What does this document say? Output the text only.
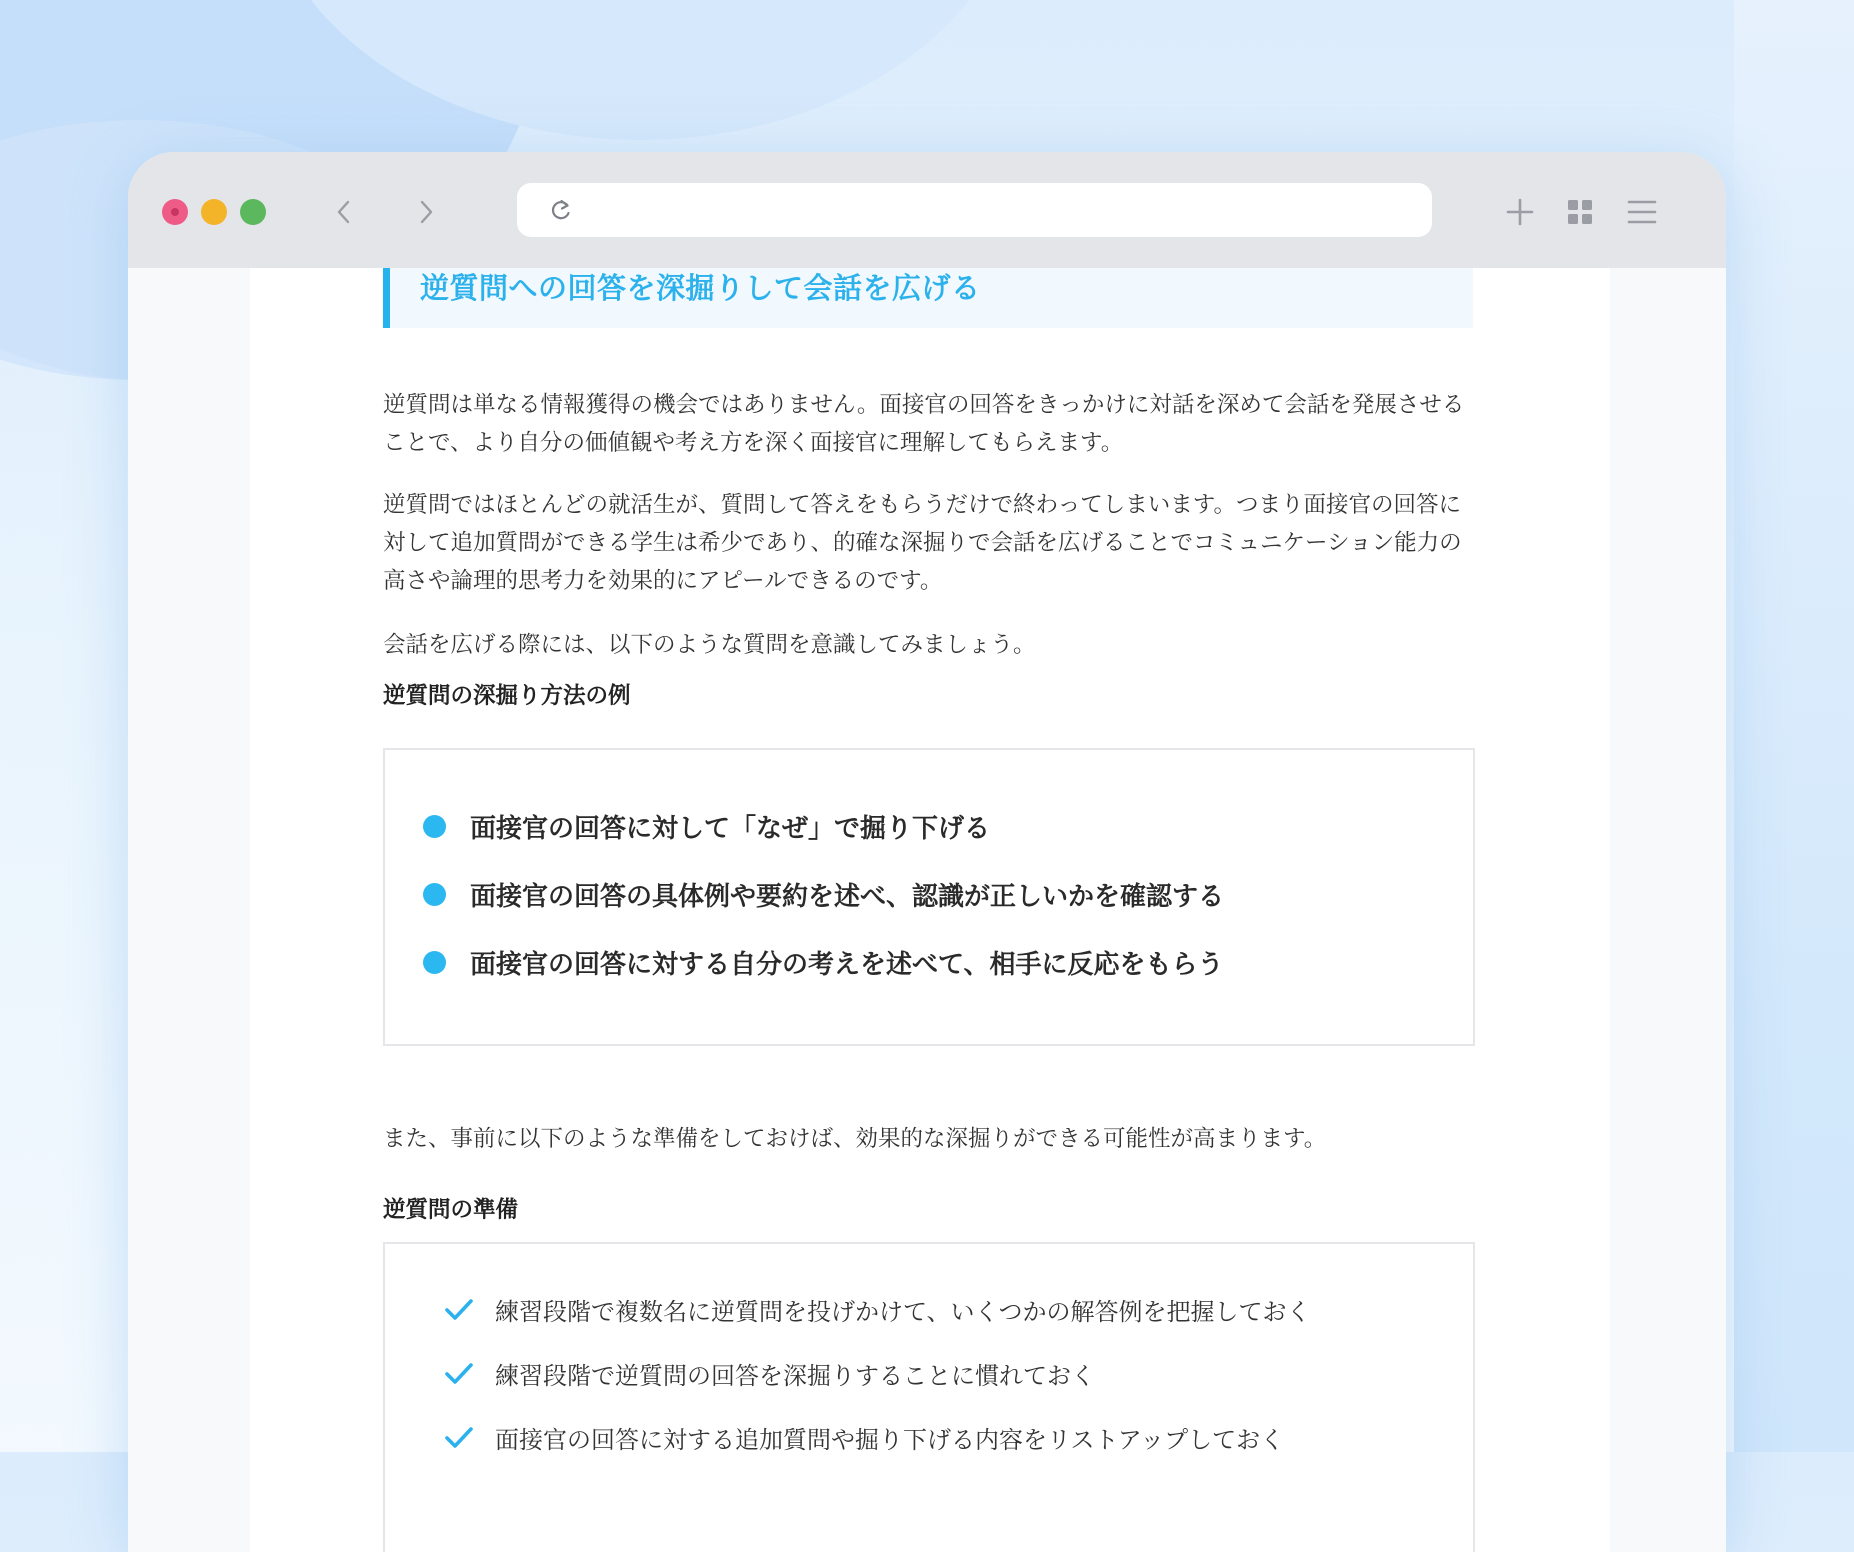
逆質問への回答を深掘りして会話を広げる

逆質問は単なる情報獲得の機会ではありません。面接官の回答をきっかけに対話を深めて会話を発展させることで、より自分の価値観や考え方を深く面接官に理解してもらえます。

逆質問ではほとんどの就活生が、質問して答えをもらうだけで終わってしまいます。つまり面接官の回答に対して追加質問ができる学生は希少であり、的確な深掘りで会話を広げることでコミュニケーション能力の高さや論理的思考力を効果的にアピールできるのです。

会話を広げる際には、以下のような質問を意識してみましょう。

逆質問の深掘り方法の例
面接官の回答に対して「なぜ」で掘り下げる
面接官の回答の具体例や要約を述べ、認識が正しいかを確認する
面接官の回答に対する自分の考えを述べて、相手に反応をもらう

また、事前に以下のような準備をしておけば、効果的な深掘りができる可能性が高まります。

逆質問の準備
練習段階で複数名に逆質問を投げかけて、いくつかの解答例を把握しておく
練習段階で逆質問の回答を深掘りすることに慣れておく
面接官の回答に対する追加質問や掘り下げる内容をリストアップしておく
